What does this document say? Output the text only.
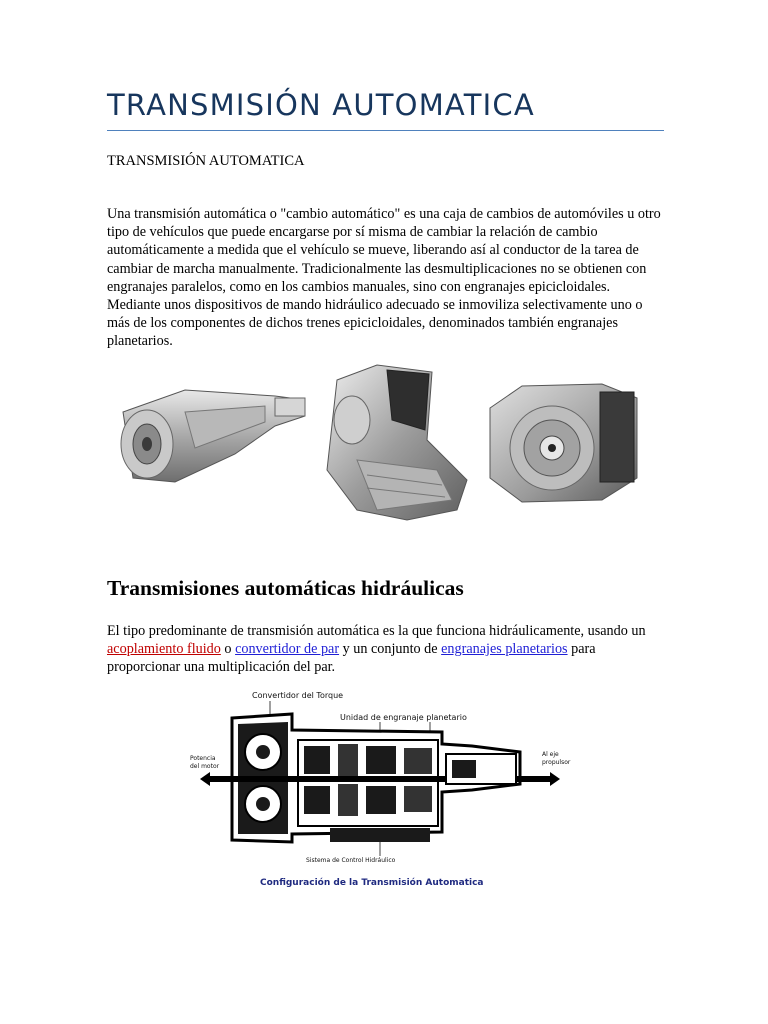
TRANSMISIÓN AUTOMATICA

TRANSMISIÓN AUTOMATICA

Una transmisión automática o "cambio automático" es una caja de cambios de automóviles u otro tipo de vehículos que puede encargarse por sí misma de cambiar la relación de cambio automáticamente a medida que el vehículo se mueve, liberando así al conductor de la tarea de cambiar de marcha manualmente. Tradicionalmente las desmultiplicaciones no se obtienen con engranajes paralelos, como en los cambios manuales, sino con engranajes epicicloidales. Mediante unos dispositivos de mando hidráulico adecuado se inmoviliza selectivamente uno o más de los componentes de dichos trenes epicicloidales, denominados también engranajes planetarios.

Transmisiones automáticas hidráulicas

El tipo predominante de transmisión automática es la que funciona hidráulicamente, usando un acoplamiento fluido o convertidor de par y un conjunto de engranajes planetarios para proporcionar una multiplicación del par.

Convertidor del Torque
Unidad de engranaje planetario
Potencia
del motor
Al eje
propulsor
Sistema de Control Hidráulico
Configuración de la Transmisión Automatica
